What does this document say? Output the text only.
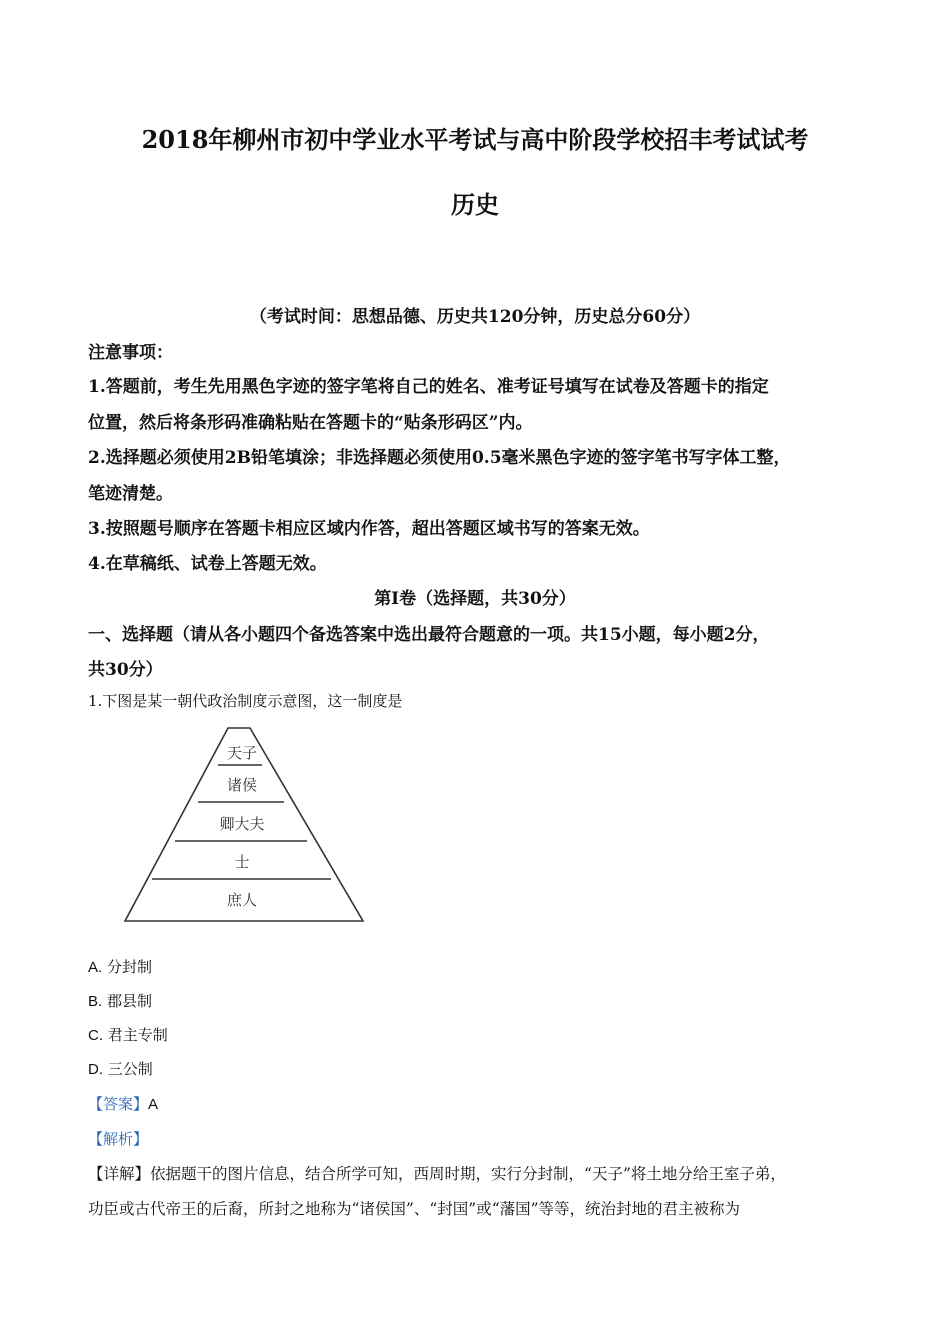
2018年柳州市初中学业水平考试与高中阶段学校招丰考试试考
历史
（考试时间：思想品德、历史共120分钟，历史总分60分）
注意事项：
1.答题前，考生先用黑色字迹的签字笔将自己的姓名、准考证号填写在试卷及答题卡的指定
位置，然后将条形码准确粘贴在答题卡的“贴条形码区”内。
2.选择题必须使用2B铅笔填涂；非选择题必须使用0.5毫米黑色字迹的签字笔书写字体工整，
笔迹清楚。
3.按照题号顺序在答题卡相应区域内作答，超出答题区域书写的答案无效。
4.在草稿纸、试卷上答题无效。
第Ⅰ卷（选择题，共30分）
一、选择题（请从各小题四个备选答案中选出最符合题意的一项。共15小题，每小题2分，
共30分）
1.下图是某一朝代政治制度示意图，这一制度是
天子
诸侯
卿大夫
士
庶人
A. 分封制
B. 郡县制
C. 君主专制
D. 三公制
【答案】A
【解析】
【详解】依据题干的图片信息，结合所学可知，西周时期，实行分封制，“天子”将土地分给王室子弟，
功臣或古代帝王的后裔，所封之地称为“诸侯国”、“封国”或“藩国”等等，统治封地的君主被称为
